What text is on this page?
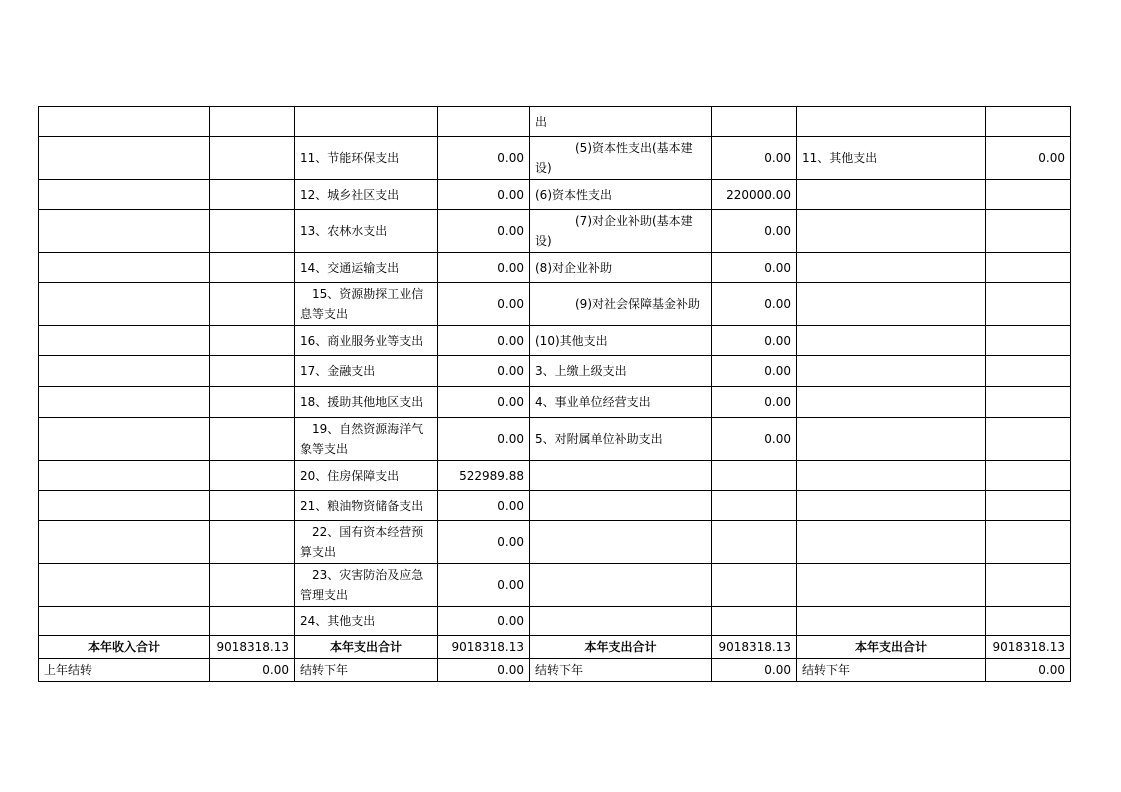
				出			
		11、节能环保支出	0.00	(5)资本性支出(基本建设)	0.00	11、其他支出	0.00
		12、城乡社区支出	0.00	(6)资本性支出	220000.00		
		13、农林水支出	0.00	(7)对企业补助(基本建设)	0.00		
		14、交通运输支出	0.00	(8)对企业补助	0.00		

		15、资源勘探工业信息等支出	0.00	(9)对社会保障基金补助	0.00		
		16、商业服务业等支出	0.00	(10)其他支出	0.00		
		17、金融支出	0.00	3、上缴上级支出	0.00		
		18、援助其他地区支出	0.00	4、事业单位经营支出	0.00		

		19、自然资源海洋气象等支出	0.00	5、对附属单位补助支出	0.00		
		20、住房保障支出	522989.88				
		21、粮油物资储备支出	0.00				

		22、国有资本经营预算支出	0.00				

		23、灾害防治及应急管理支出	0.00				
		24、其他支出	0.00				
本年收入合计	9018318.13	本年支出合计	9018318.13	本年支出合计	9018318.13	本年支出合计	9018318.13
上年结转	0.00	结转下年	0.00	结转下年	0.00	结转下年	0.00
